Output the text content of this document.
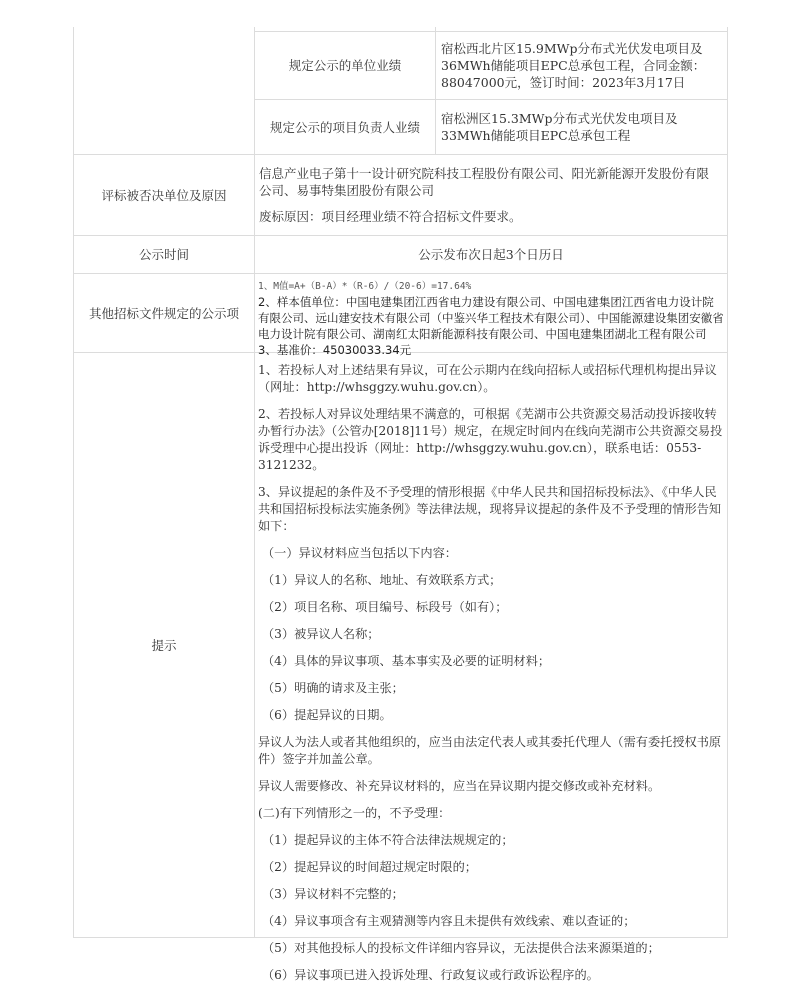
规定公示的单位业绩
宿松西北片区15.9MWp分布式光伏发电项目及36MWh储能项目EPC总承包工程，合同金额：88047000元，签订时间：2023年3月17日
规定公示的项目负责人业绩
宿松洲区15.3MWp分布式光伏发电项目及33MWh储能项目EPC总承包工程
评标被否决单位及原因

信息产业电子第十一设计研究院科技工程股份有限公司、阳光新能源开发股份有限公司、易事特集团股份有限公司

废标原因：项目经理业绩不符合招标文件要求。

公示时间	公示发布次日起3个日历日
其他招标文件规定的公示项
1、M值=A+（B-A）*（R-6）/（20-6）=17.64%
2、样本值单位：中国电建集团江西省电力建设有限公司、中国电建集团江西省电力设计院有限公司、远山建安技术有限公司（中鉴兴华工程技术有限公司）、中国能源建设集团安徽省电力设计院有限公司、湖南红太阳新能源科技有限公司、中国电建集团湖北工程有限公司
3、基准价：45030033.34元
提示

1、若投标人对上述结果有异议，可在公示期内在线向招标人或招标代理机构提出异议（网址：http://whsggzy.wuhu.gov.cn）。

2、若投标人对异议处理结果不满意的，可根据《芜湖市公共资源交易活动投诉接收转办暂行办法》（公管办[2018]11号）规定，在规定时间内在线向芜湖市公共资源交易投诉受理中心提出投诉（网址：http://whsggzy.wuhu.gov.cn），联系电话：0553-3121232。

3、异议提起的条件及不予受理的情形根据《中华人民共和国招标投标法》、《中华人民共和国招标投标法实施条例》等法律法规，现将异议提起的条件及不予受理的情形告知如下：

（一）异议材料应当包括以下内容：

（1）异议人的名称、地址、有效联系方式；

（2）项目名称、项目编号、标段号（如有）；

（3）被异议人名称；

（4）具体的异议事项、基本事实及必要的证明材料；

（5）明确的请求及主张；

（6）提起异议的日期。

异议人为法人或者其他组织的，应当由法定代表人或其委托代理人（需有委托授权书原件）签字并加盖公章。

异议人需要修改、补充异议材料的，应当在异议期内提交修改或补充材料。

(二)有下列情形之一的，不予受理：

（1）提起异议的主体不符合法律法规规定的；

（2）提起异议的时间超过规定时限的；

（3）异议材料不完整的；

（4）异议事项含有主观猜测等内容且未提供有效线索、难以查证的；

（5）对其他投标人的投标文件详细内容异议，无法提供合法来源渠道的；

（6）异议事项已进入投诉处理、行政复议或行政诉讼程序的。
